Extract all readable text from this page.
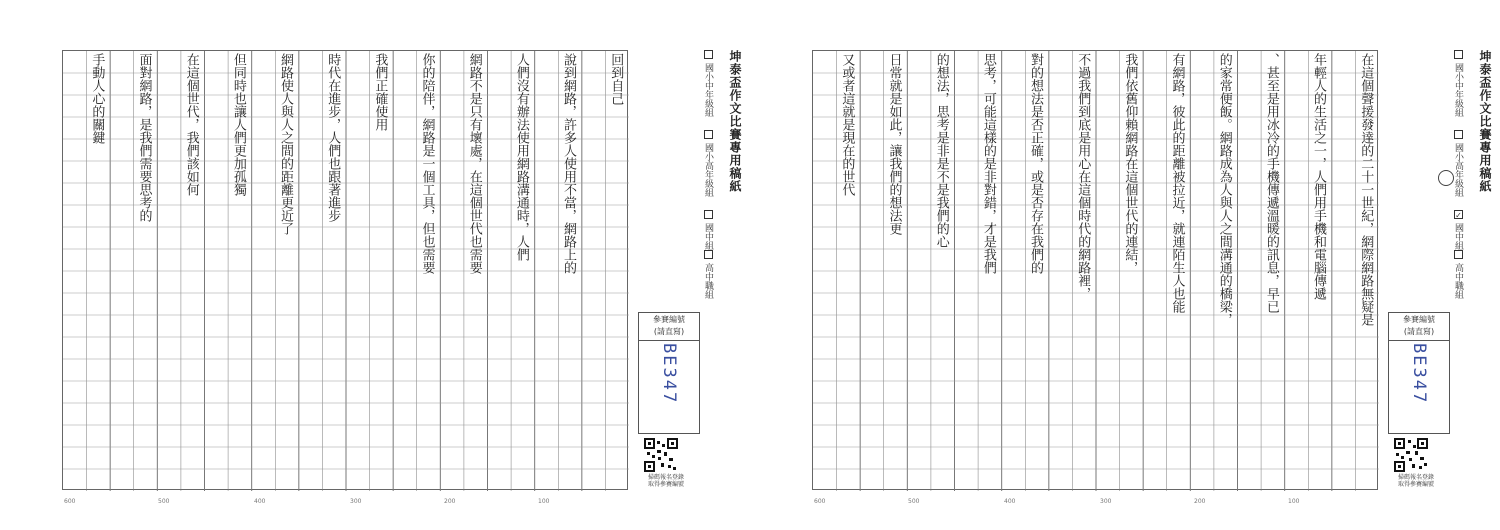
回到自己
說到網路，許多人使用不當，網路上的
人們沒有辦法使用網路溝通時，人們
網路不是只有壞處，在這個世代也需要
你的陪伴，網路是一個工具，但也需要
我們正確使用
時代在進步，人們也跟著進步
網路使人與人之間的距離更近了
但同時也讓人們更加孤獨
在這個世代，我們該如何
面對網路，是我們需要思考的
手動人心的關鍵	坤泰盃作文比賽專用稿紙
國小中年級組
國小高年級組
國中組
高中職組
參賽編號
(請直寫)
BE347
掃碼報名登錄
取得參賽編號
600	500	400	300	200	100
在這個聲援發達的二十一世紀，網際網路無疑是
年輕人的生活之一，人們用手機和電腦傳遞
、甚至是用冰冷的手機傳遞溫暖的訊息，早已
的家常便飯。網路成為人與人之間溝通的橋梁，
有網路，彼此的距離被拉近，就連陌生人也能
我們依舊仰賴網路在這個世代的連結，
不過我們到底是用心在這個時代的網路裡，
對的想法是否正確，或是否存在我們的
思考，可能這樣的是非對錯，才是我們
的想法，思考是非是不是我們的心
日常就是如此，讓我們的想法更
又或者這就是現在的世代	坤泰盃作文比賽專用稿紙
國小中年級組
國小高年級組
✓國中組
高中職組
參賽編號
(請直寫)
BE347
掃碼報名登錄
取得參賽編號
600	500	400	300	200	100
